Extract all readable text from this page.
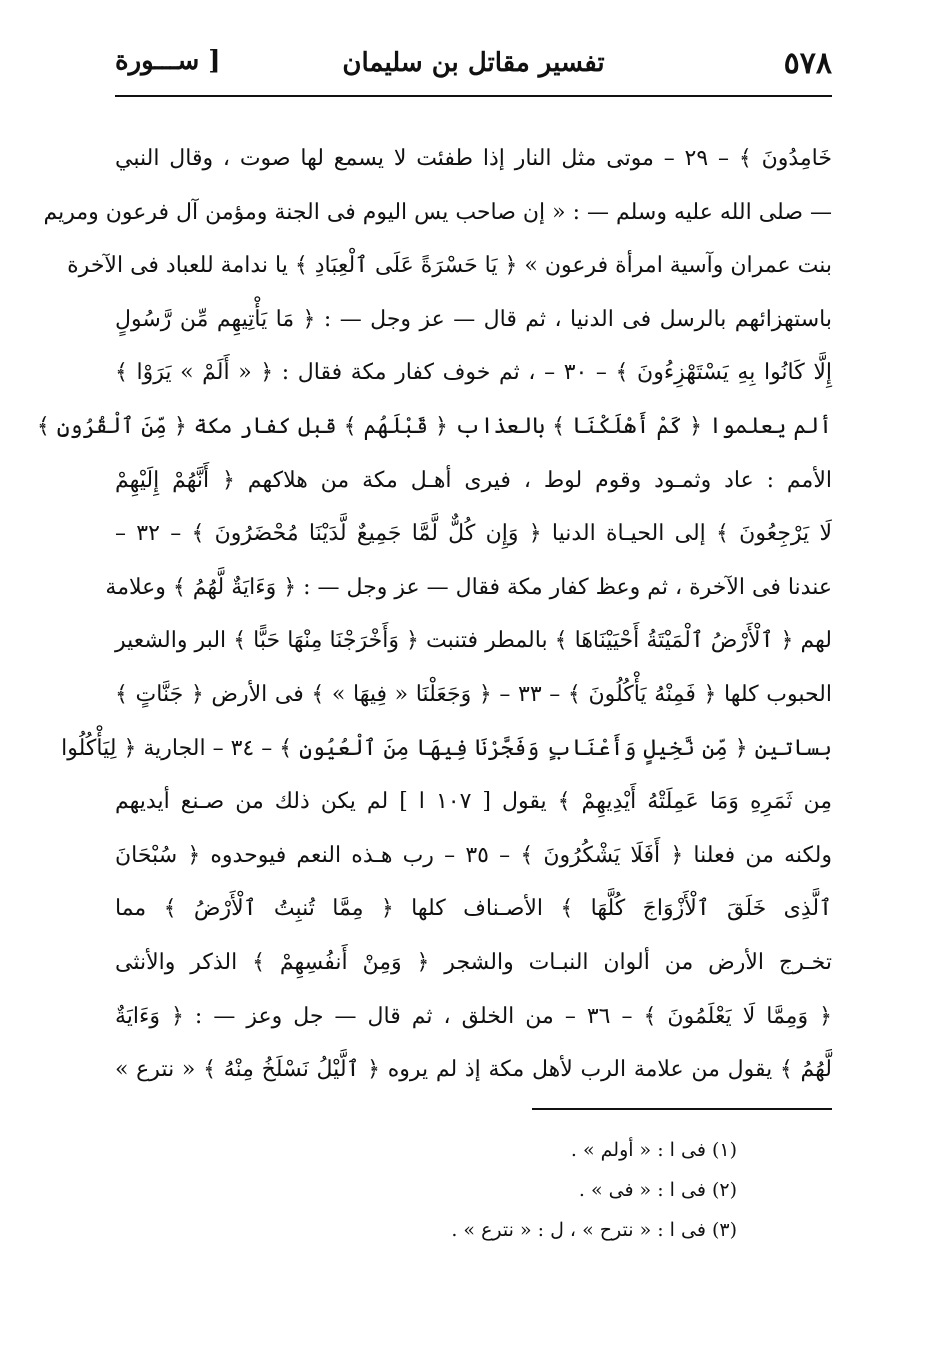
٥٧٨
تفسير مقاتل بن سليمان
[ ســـورة
خَامِدُونَ ﴾ – ٢٩ – موتى مثل النار إذا طفئت لا يسمع لها صوت ، وقال النبي
— صلى الله عليه وسلم — : « إن صاحب يس اليوم فى الجنة ومؤمن آل فرعون ومريم
بنت عمران وآسية امرأة فرعون » ﴿ يَا حَسْرَةً عَلَى ٱلْعِبَادِ ﴾ يا ندامة للعباد فى الآخرة
باستهزائهم بالرسل فى الدنيا ، ثم قال — عز وجل — : ﴿ مَا يَأْتِيهِم مِّن رَّسُولٍ
إِلَّا كَانُوا بِهِ يَسْتَهْزِءُونَ ﴾ – ٣٠ – ، ثم خوف كفار مكة فقال : ﴿ « أَلَمْ » يَرَوْا ﴾
ألم يعلموا ﴿ كَمْ أَهْلَكْنَا ﴾ بالعذاب ﴿ قَبْلَهُم ﴾ قبل كفار مكة ﴿ مِّنَ ٱلْقُرُونِ ﴾
الأمم : عاد وثمـود وقوم لوط ، فيرى أهـل مكة من هلاكهم ﴿ أَنَّهُمْ إِلَيْهِمْ
لَا يَرْجِعُونَ ﴾ إلى الحيـاة الدنيا ﴿ وَإِن كُلٌّ لَّمَّا جَمِيعٌ لَّدَيْنَا مُحْضَرُونَ ﴾ – ٣٢ –
عندنا فى الآخرة ، ثم وعظ كفار مكة فقال — عز وجل — : ﴿ وَءَايَةٌ لَّهُمُ ﴾ وعلامة
لهم ﴿ ٱلْأَرْضُ ٱلْمَيْتَةُ أَحْيَيْنَاهَا ﴾ بالمطر فتنبت ﴿ وَأَخْرَجْنَا مِنْهَا حَبًّا ﴾ البر والشعير
الحبوب كلها ﴿ فَمِنْهُ يَأْكُلُونَ ﴾ – ٣٣ – ﴿ وَجَعَلْنَا « فِيهَا » ﴾ فى الأرض ﴿ جَنَّاتٍ ﴾
بساتين ﴿ مِّن نَّخِيلٍ وَأَعْنَابٍ وَفَجَّرْنَا فِيهَا مِنَ ٱلْعُيُونِ ﴾ – ٣٤ – الجارية ﴿ لِيَأْكُلُوا
مِن ثَمَرِهِ وَمَا عَمِلَتْهُ أَيْدِيهِمْ ﴾ يقول [ ١٠٧ ا ] لم يكن ذلك من صـنع أيديهم
ولكنه من فعلنا ﴿ أَفَلَا يَشْكُرُونَ ﴾ – ٣٥ – رب هـذه النعم فيوحدوه ﴿ سُبْحَانَ
ٱلَّذِى خَلَقَ ٱلْأَزْوَاجَ كُلَّهَا ﴾ الأصـناف كلها ﴿ مِمَّا تُنبِتُ ٱلْأَرْضُ ﴾ مما
تخـرج الأرض من ألوان النبـات والشجر ﴿ وَمِنْ أَنفُسِهِمْ ﴾ الذكر والأنثى
﴿ وَمِمَّا لَا يَعْلَمُونَ ﴾ – ٣٦ – من الخلق ، ثم قال — جل وعز — : ﴿ وَءَايَةٌ
لَّهُمُ ﴾ يقول من علامة الرب لأهل مكة إذ لم يروه ﴿ ٱلَّيْلُ نَسْلَخُ مِنْهُ ﴾ « نترع »
(١) فى ا : « أولم » .
(٢) فى ا : « فى » .
(٣) فى ا : « نترح » ، ل : « نترع » .
